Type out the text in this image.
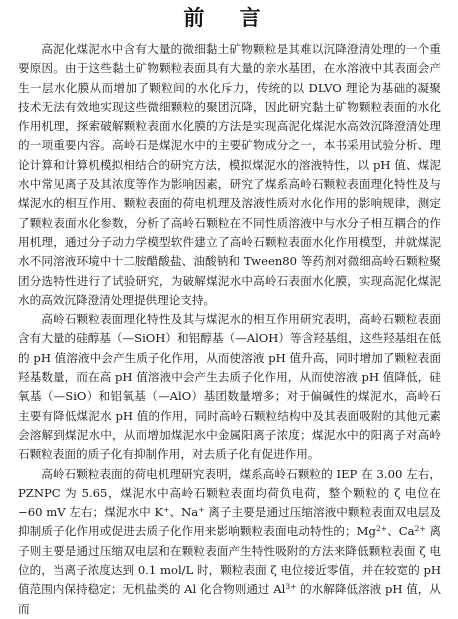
前 言

高泥化煤泥水中含有大量的微细黏土矿物颗粒是其难以沉降澄清处理的一个重要原因。由于这些黏土矿物颗粒表面具有大量的亲水基团，在水溶液中其表面会产生一层水化膜从而增加了颗粒间的水化斥力，传统的以 DLVO 理论为基础的凝聚技术无法有效地实现这些微细颗粒的聚团沉降，因此研究黏土矿物颗粒表面的水化作用机理，探索破解颗粒表面水化膜的方法是实现高泥化煤泥水高效沉降澄清处理的一项重要内容。高岭石是煤泥水中的主要矿物成分之一，本书采用试验分析、理论计算和计算机模拟相结合的研究方法，模拟煤泥水的溶液特性，以 pH 值、煤泥水中常见离子及其浓度等作为影响因素，研究了煤系高岭石颗粒表面理化特性及与煤泥水的相互作用、颗粒表面的荷电机理及溶液性质对水化作用的影响规律，测定了颗粒表面水化参数，分析了高岭石颗粒在不同性质溶液中与水分子相互耦合的作用机理，通过分子动力学模型软件建立了高岭石颗粒表面水化作用模型，并就煤泥水不同溶液环境中十二胺醋酸盐、油酸钠和 Tween80 等药剂对微细高岭石颗粒聚团分选特性进行了试验研究，为破解煤泥水中高岭石表面水化膜，实现高泥化煤泥水的高效沉降澄清处理提供理论支持。

高岭石颗粒表面理化特性及其与煤泥水的相互作用研究表明，高岭石颗粒表面含有大量的硅醇基（—SiOH）和铝醇基（—AlOH）等含羟基组，这些羟基组在低的 pH 值溶液中会产生质子化作用，从而使溶液 pH 值升高，同时增加了颗粒表面羟基数量，而在高 pH 值溶液中会产生去质子化作用，从而使溶液 pH 值降低，硅氧基（—SiO）和铝氧基（—AlO）基团数量增多；对于偏碱性的煤泥水，高岭石主要有降低煤泥水 pH 值的作用，同时高岭石颗粒结构中及其表面吸附的其他元素会溶解到煤泥水中，从而增加煤泥水中金属阳离子浓度；煤泥水中的阳离子对高岭石颗粒表面的质子化有抑制作用，对去质子化有促进作用。

高岭石颗粒表面的荷电机理研究表明，煤系高岭石颗粒的 IEP 在 3.00 左右，PZNPC 为 5.65，煤泥水中高岭石颗粒表面均荷负电荷，整个颗粒的 ζ 电位在 −60 mV 左右；煤泥水中 K+、Na+ 离子主要是通过压缩溶液中颗粒表面双电层及抑制质子化作用或促进去质子化作用来影响颗粒表面电动特性的；$Mg^{2+}$、$Ca^{2+}$ 离子则主要是通过压缩双电层和在颗粒表面产生特性吸附的方法来降低颗粒表面 ζ 电位的，当离子浓度达到 0.1 mol/L 时，颗粒表面 ζ 电位接近零值，并在较宽的 pH 值范围内保持稳定；无机盐类的 Al 化合物则通过 $Al^{3+}$ 的水解降低溶液 pH 值，从而
